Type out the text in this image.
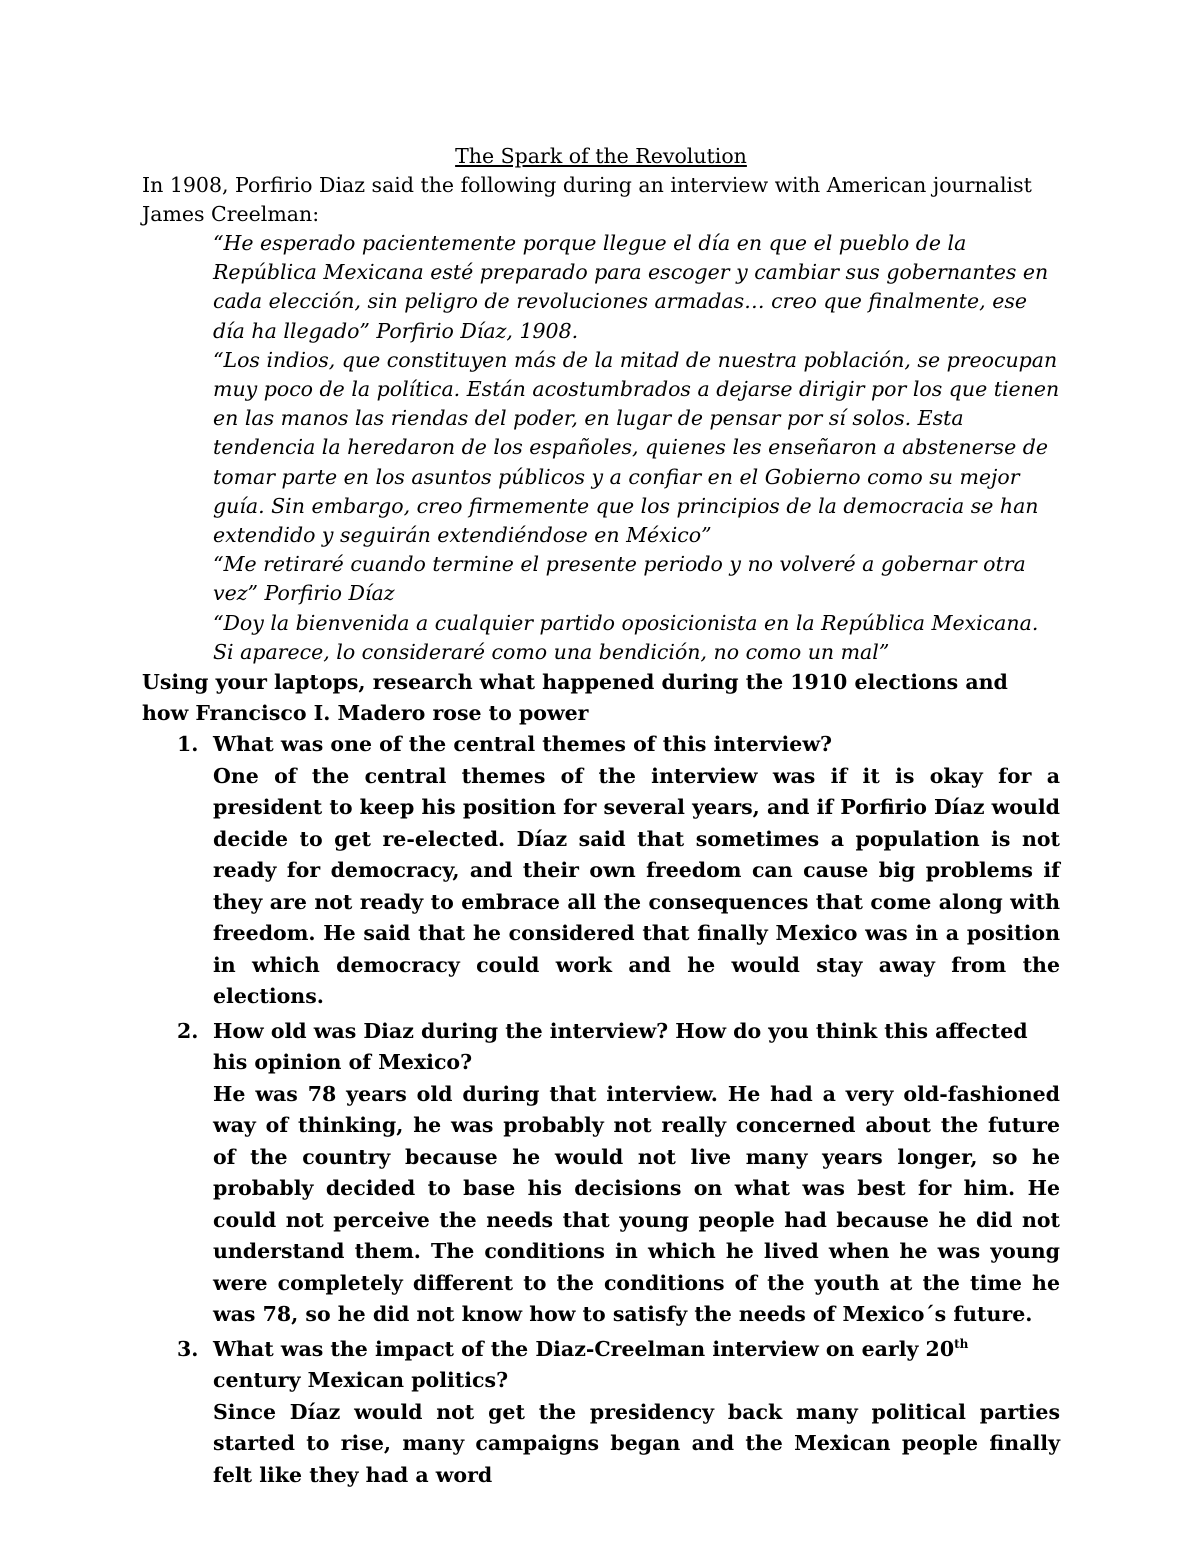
The Spark of the Revolution

In 1908, Porfirio Diaz said the following during an interview with American journalist James Creelman:

“He esperado pacientemente porque llegue el día en que el pueblo de la República Mexicana esté preparado para escoger y cambiar sus gobernantes en cada elección, sin peligro de revoluciones armadas… creo que finalmente, ese día ha llegado” Porfirio Díaz, 1908.

“Los indios, que constituyen más de la mitad de nuestra población, se preocupan muy poco de la política. Están acostumbrados a dejarse dirigir por los que tienen en las manos las riendas del poder, en lugar de pensar por sí solos. Esta tendencia la heredaron de los españoles, quienes les enseñaron a abstenerse de tomar parte en los asuntos públicos y a confiar en el Gobierno como su mejor guía. Sin embargo, creo firmemente que los principios de la democracia se han extendido y seguirán extendiéndose en México”

“Me retiraré cuando termine el presente periodo y no volveré a gobernar otra vez” Porfirio Díaz

“Doy la bienvenida a cualquier partido oposicionista en la República Mexicana. Si aparece, lo consideraré como una bendición, no como un mal”

Using your laptops, research what happened during the 1910 elections and how Francisco I. Madero rose to power

1. What was one of the central themes of this interview?

One of the central themes of the interview was if it is okay for a president to keep his position for several years, and if Porfirio Díaz would decide to get re-elected. Díaz said that sometimes a population is not ready for democracy, and their own freedom can cause big problems if they are not ready to embrace all the consequences that come along with freedom. He said that he considered that finally Mexico was in a position in which democracy could work and he would stay away from the elections.

2. How old was Diaz during the interview? How do you think this affected his opinion of Mexico?

He was 78 years old during that interview. He had a very old-fashioned way of thinking, he was probably not really concerned about the future of the country because he would not live many years longer, so he probably decided to base his decisions on what was best for him. He could not perceive the needs that young people had because he did not understand them. The conditions in which he lived when he was young were completely different to the conditions of the youth at the time he was 78, so he did not know how to satisfy the needs of Mexico´s future.

3. What was the impact of the Diaz-Creelman interview on early 20th century Mexican politics?

Since Díaz would not get the presidency back many political parties started to rise, many campaigns began and the Mexican people finally felt like they had a word
